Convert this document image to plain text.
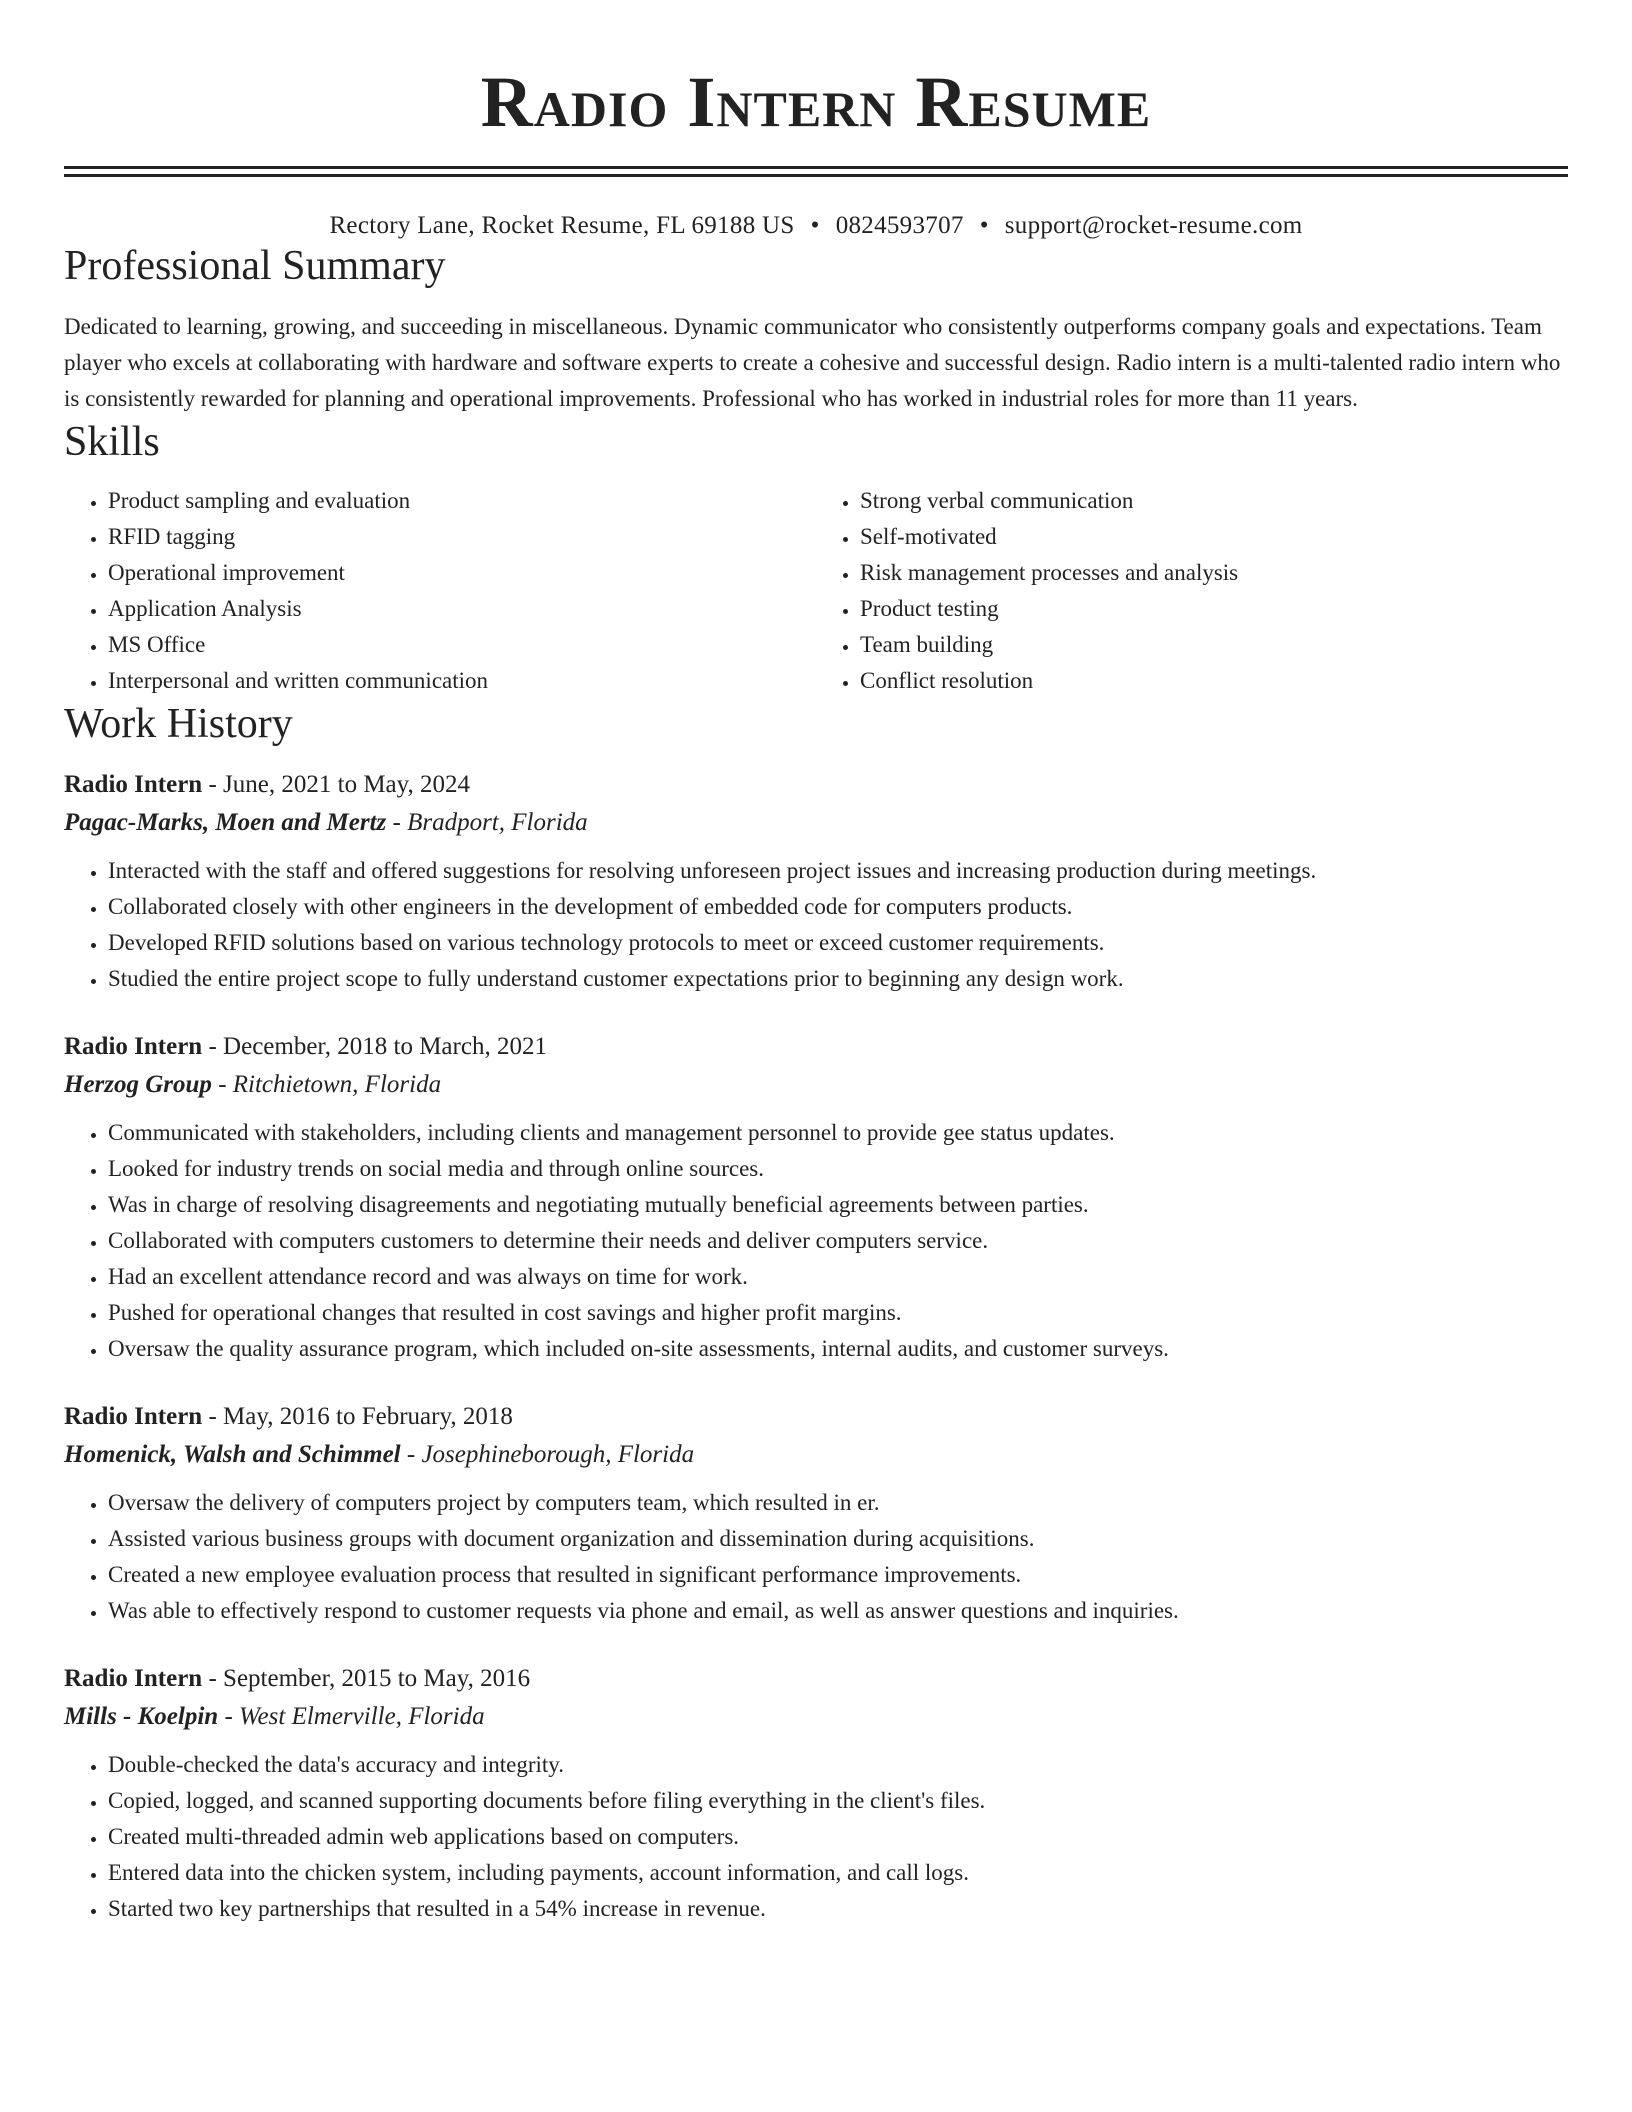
Radio Intern Resume
Rectory Lane, Rocket Resume, FL 69188 US • 0824593707 • support@rocket-resume.com
Professional Summary

Dedicated to learning, growing, and succeeding in miscellaneous. Dynamic communicator who consistently outperforms company goals and expectations. Team player who excels at collaborating with hardware and software experts to create a cohesive and successful design. Radio intern is a multi-talented radio intern who is consistently rewarded for planning and operational improvements. Professional who has worked in industrial roles for more than 11 years.

Skills
• Product sampling and evaluation
• RFID tagging
• Operational improvement
• Application Analysis
• MS Office
• Interpersonal and written communication
• Strong verbal communication
• Self-motivated
• Risk management processes and analysis
• Product testing
• Team building
• Conflict resolution
Work History
Radio Intern - June, 2021 to May, 2024
Pagac-Marks, Moen and Mertz - Bradport, Florida
• Interacted with the staff and offered suggestions for resolving unforeseen project issues and increasing production during meetings.
• Collaborated closely with other engineers in the development of embedded code for computers products.
• Developed RFID solutions based on various technology protocols to meet or exceed customer requirements.
• Studied the entire project scope to fully understand customer expectations prior to beginning any design work.
Radio Intern - December, 2018 to March, 2021
Herzog Group - Ritchietown, Florida
• Communicated with stakeholders, including clients and management personnel to provide gee status updates.
• Looked for industry trends on social media and through online sources.
• Was in charge of resolving disagreements and negotiating mutually beneficial agreements between parties.
• Collaborated with computers customers to determine their needs and deliver computers service.
• Had an excellent attendance record and was always on time for work.
• Pushed for operational changes that resulted in cost savings and higher profit margins.
• Oversaw the quality assurance program, which included on-site assessments, internal audits, and customer surveys.
Radio Intern - May, 2016 to February, 2018
Homenick, Walsh and Schimmel - Josephineborough, Florida
• Oversaw the delivery of computers project by computers team, which resulted in er.
• Assisted various business groups with document organization and dissemination during acquisitions.
• Created a new employee evaluation process that resulted in significant performance improvements.
• Was able to effectively respond to customer requests via phone and email, as well as answer questions and inquiries.
Radio Intern - September, 2015 to May, 2016
Mills - Koelpin - West Elmerville, Florida
• Double-checked the data's accuracy and integrity.
• Copied, logged, and scanned supporting documents before filing everything in the client's files.
• Created multi-threaded admin web applications based on computers.
• Entered data into the chicken system, including payments, account information, and call logs.
• Started two key partnerships that resulted in a 54% increase in revenue.
